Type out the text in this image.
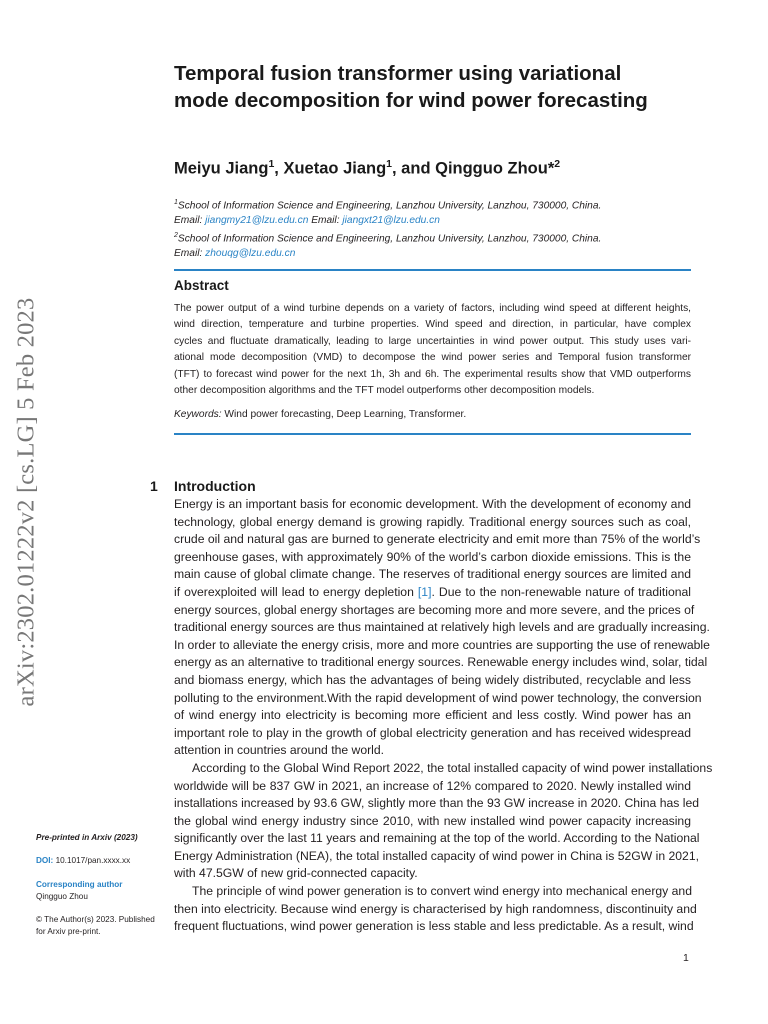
arXiv:2302.01222v2 [cs.LG] 5 Feb 2023
Temporal fusion transformer using variational mode decomposition for wind power forecasting
Meiyu Jiang$^1$, Xuetao Jiang$^1$, and Qingguo Zhou*$^2$
$^1$School of Information Science and Engineering, Lanzhou University, Lanzhou, 730000, China.
Email: jiangmy21@lzu.edu.cn Email: jiangxt21@lzu.edu.cn
$^2$School of Information Science and Engineering, Lanzhou University, Lanzhou, 730000, China.
Email: zhouqg@lzu.edu.cn
Abstract
The power output of a wind turbine depends on a variety of factors, including wind speed at different heights,
wind direction, temperature and turbine properties. Wind speed and direction, in particular, have complex
cycles and fluctuate dramatically, leading to large uncertainties in wind power output. This study uses vari-
ational mode decomposition (VMD) to decompose the wind power series and Temporal fusion transformer
(TFT) to forecast wind power for the next 1h, 3h and 6h. The experimental results show that VMD outperforms
other decomposition algorithms and the TFT model outperforms other decomposition models.
Keywords: Wind power forecasting, Deep Learning, Transformer.
1 Introduction
Energy is an important basis for economic development. With the development of economy and
technology, global energy demand is growing rapidly. Traditional energy sources such as coal,
crude oil and natural gas are burned to generate electricity and emit more than 75% of the world’s
greenhouse gases, with approximately 90% of the world’s carbon dioxide emissions. This is the
main cause of global climate change. The reserves of traditional energy sources are limited and
if overexploited will lead to energy depletion [1]. Due to the non-renewable nature of traditional
energy sources, global energy shortages are becoming more and more severe, and the prices of
traditional energy sources are thus maintained at relatively high levels and are gradually increasing.
In order to alleviate the energy crisis, more and more countries are supporting the use of renewable
energy as an alternative to traditional energy sources. Renewable energy includes wind, solar, tidal
and biomass energy, which has the advantages of being widely distributed, recyclable and less
polluting to the environment.With the rapid development of wind power technology, the conversion
of wind energy into electricity is becoming more efficient and less costly. Wind power has an
important role to play in the growth of global electricity generation and has received widespread
attention in countries around the world.
According to the Global Wind Report 2022, the total installed capacity of wind power installations
worldwide will be 837 GW in 2021, an increase of 12% compared to 2020. Newly installed wind
installations increased by 93.6 GW, slightly more than the 93 GW increase in 2020. China has led
the global wind energy industry since 2010, with new installed wind power capacity increasing
significantly over the last 11 years and remaining at the top of the world. According to the National
Energy Administration (NEA), the total installed capacity of wind power in China is 52GW in 2021,
with 47.5GW of new grid-connected capacity.
The principle of wind power generation is to convert wind energy into mechanical energy and
then into electricity. Because wind energy is characterised by high randomness, discontinuity and
frequent fluctuations, wind power generation is less stable and less predictable. As a result, wind
Pre-printed in Arxiv (2023)
DOI: 10.1017/pan.xxxx.xx
Corresponding author
Qingguo Zhou
© The Author(s) 2023. Published
for Arxiv pre-print.
1
